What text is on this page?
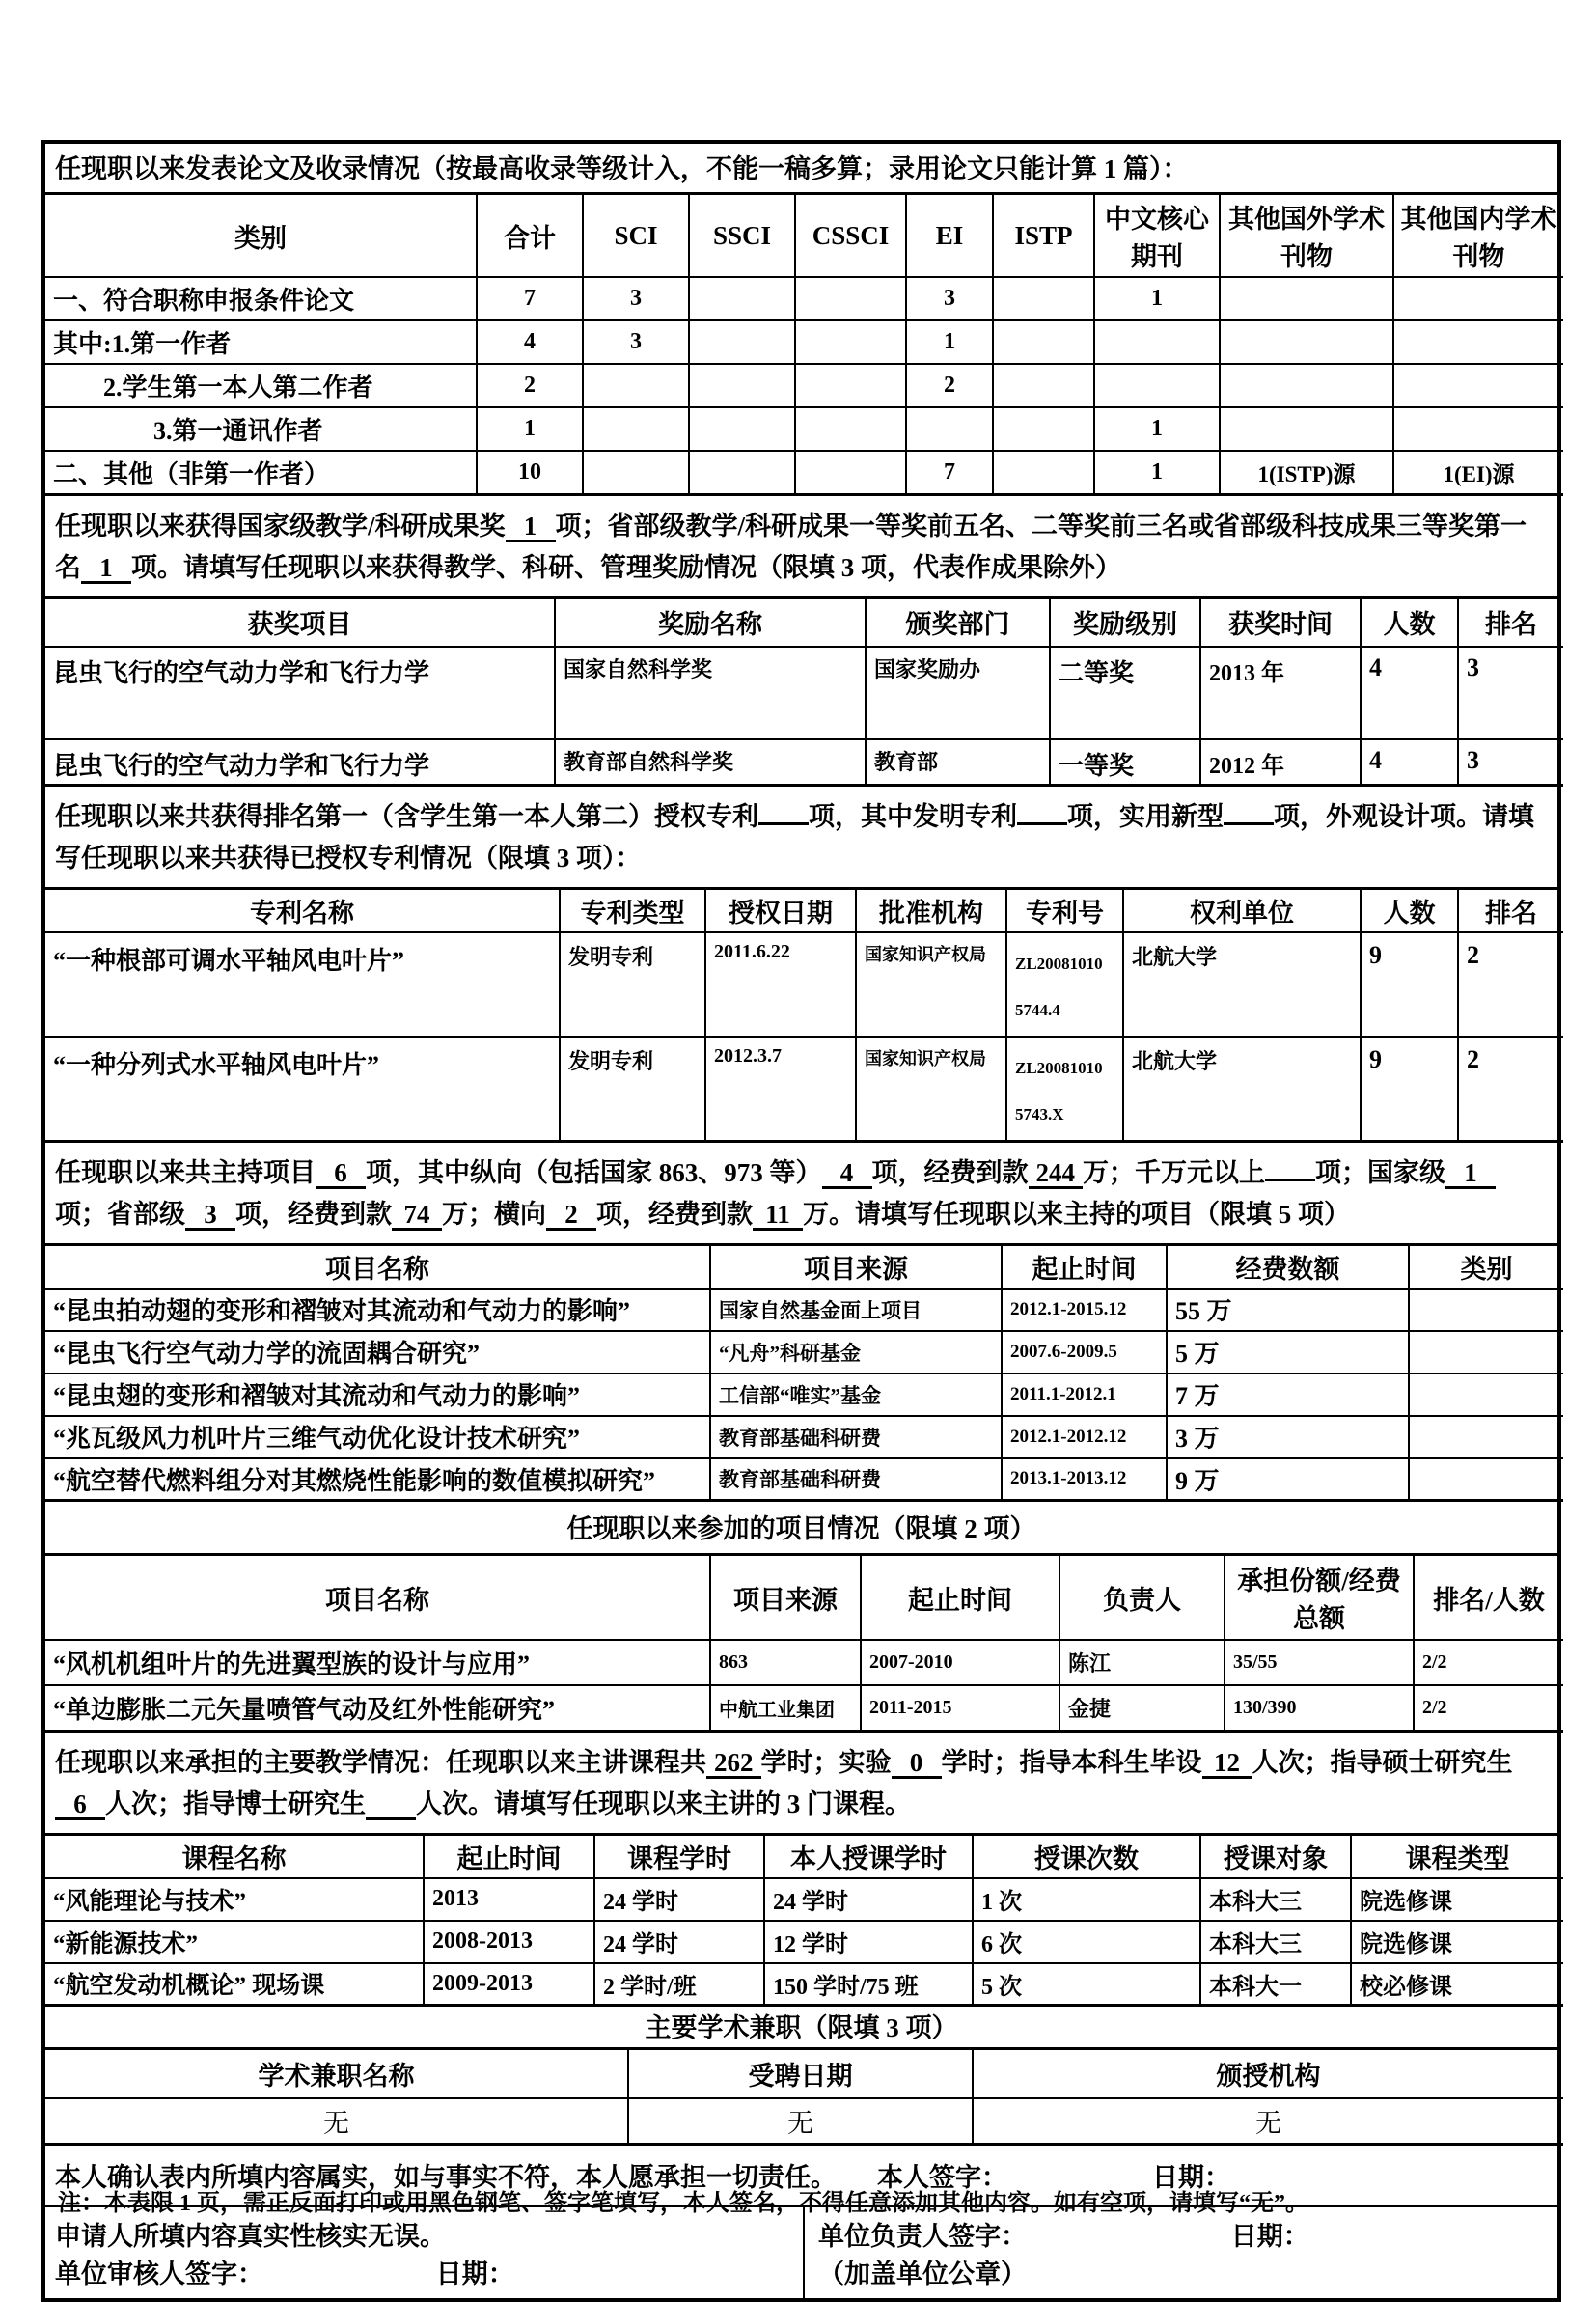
任现职以来发表论文及收录情况（按最高收录等级计入，不能一稿多算；录用论文只能计算 1 篇）：
类别	合计	SCI	SSCI	CSSCI	EI	ISTP	中文核心期刊	其他国外学术刊物	其他国内学术刊物
一、符合职称申报条件论文	7	3			3		1		
其中:1.第一作者	4	3			1				
　　2.学生第一本人第二作者	2				2				
　　　　3.第一通讯作者	1						1		
二、其他（非第一作者）	10				7		1	1(ISTP)源	1(EI)源
任现职以来获得国家级教学/科研成果奖 1 项；省部级教学/科研成果一等奖前五名、二等奖前三名或省部级科技成果三等奖第一名 1 项。请填写任现职以来获得教学、科研、管理奖励情况（限填 3 项，代表作成果除外）
获奖项目	奖励名称	颁奖部门	奖励级别	获奖时间	人数	排名
昆虫飞行的空气动力学和飞行力学	国家自然科学奖	国家奖励办	二等奖	2013 年	4	3
昆虫飞行的空气动力学和飞行力学	教育部自然科学奖	教育部	一等奖	2012 年	4	3
任现职以来共获得排名第一（含学生第一本人第二）授权专利 项，其中发明专利 项，实用新型 项，外观设计项。请填写任现职以来共获得已授权专利情况（限填 3 项）：
专利名称	专利类型	授权日期	批准机构	专利号	权利单位	人数	排名
“一种根部可调水平轴风电叶片”	发明专利	2011.6.22	国家知识产权局	ZL20081010 5744.4	北航大学	9	2
“一种分列式水平轴风电叶片”	发明专利	2012.3.7	国家知识产权局	ZL20081010 5743.X	北航大学	9	2
任现职以来共主持项目 6 项，其中纵向（包括国家 863、973 等） 4 项，经费到款 244 万；千万元以上 项；国家级 1项；省部级 3 项，经费到款 74 万；横向 2 项，经费到款 11 万。请填写任现职以来主持的项目（限填 5 项）
项目名称	项目来源	起止时间	经费数额	类别
“昆虫拍动翅的变形和褶皱对其流动和气动力的影响”	国家自然基金面上项目	2012.1-2015.12	55 万	
“昆虫飞行空气动力学的流固耦合研究”	“凡舟”科研基金	2007.6-2009.5	5 万	
“昆虫翅的变形和褶皱对其流动和气动力的影响”	工信部“唯实”基金	2011.1-2012.1	7 万	
“兆瓦级风力机叶片三维气动优化设计技术研究”	教育部基础科研费	2012.1-2012.12	3 万	
“航空替代燃料组分对其燃烧性能影响的数值模拟研究”	教育部基础科研费	2013.1-2013.12	9 万	
任现职以来参加的项目情况（限填 2 项）
项目名称	项目来源	起止时间	负责人	承担份额/经费总额	排名/人数
“风机机组叶片的先进翼型族的设计与应用”	863	2007-2010	陈江	35/55	2/2
“单边膨胀二元矢量喷管气动及红外性能研究”	中航工业集团	2011-2015	金捷	130/390	2/2
任现职以来承担的主要教学情况：任现职以来主讲课程共 262 学时；实验 0 学时；指导本科生毕设 12 人次；指导硕士研究生6 人次；指导博士研究生　 人次。请填写任现职以来主讲的 3 门课程。
课程名称	起止时间	课程学时	本人授课学时	授课次数	授课对象	课程类型
“风能理论与技术”	2013	24 学时	24 学时	1 次	本科大三	院选修课
“新能源技术”	2008-2013	24 学时	12 学时	6 次	本科大三	院选修课
“航空发动机概论” 现场课	2009-2013	2 学时/班	150 学时/75 班	5 次	本科大一	校必修课
主要学术兼职（限填 3 项）
学术兼职名称	受聘日期	颁授机构
无	无	无
本人确认表内所填内容属实，如与事实不符，本人愿承担一切责任。 本人签字：	日期：
申请人所填内容真实性核实无误。
单位审核人签字：	日期：
单位负责人签字：	日期：
（加盖单位公章）
注：本表限 1 页，需正反面打印或用黑色钢笔、签字笔填写，本人签名，不得任意添加其他内容。如有空项，请填写“无”。
